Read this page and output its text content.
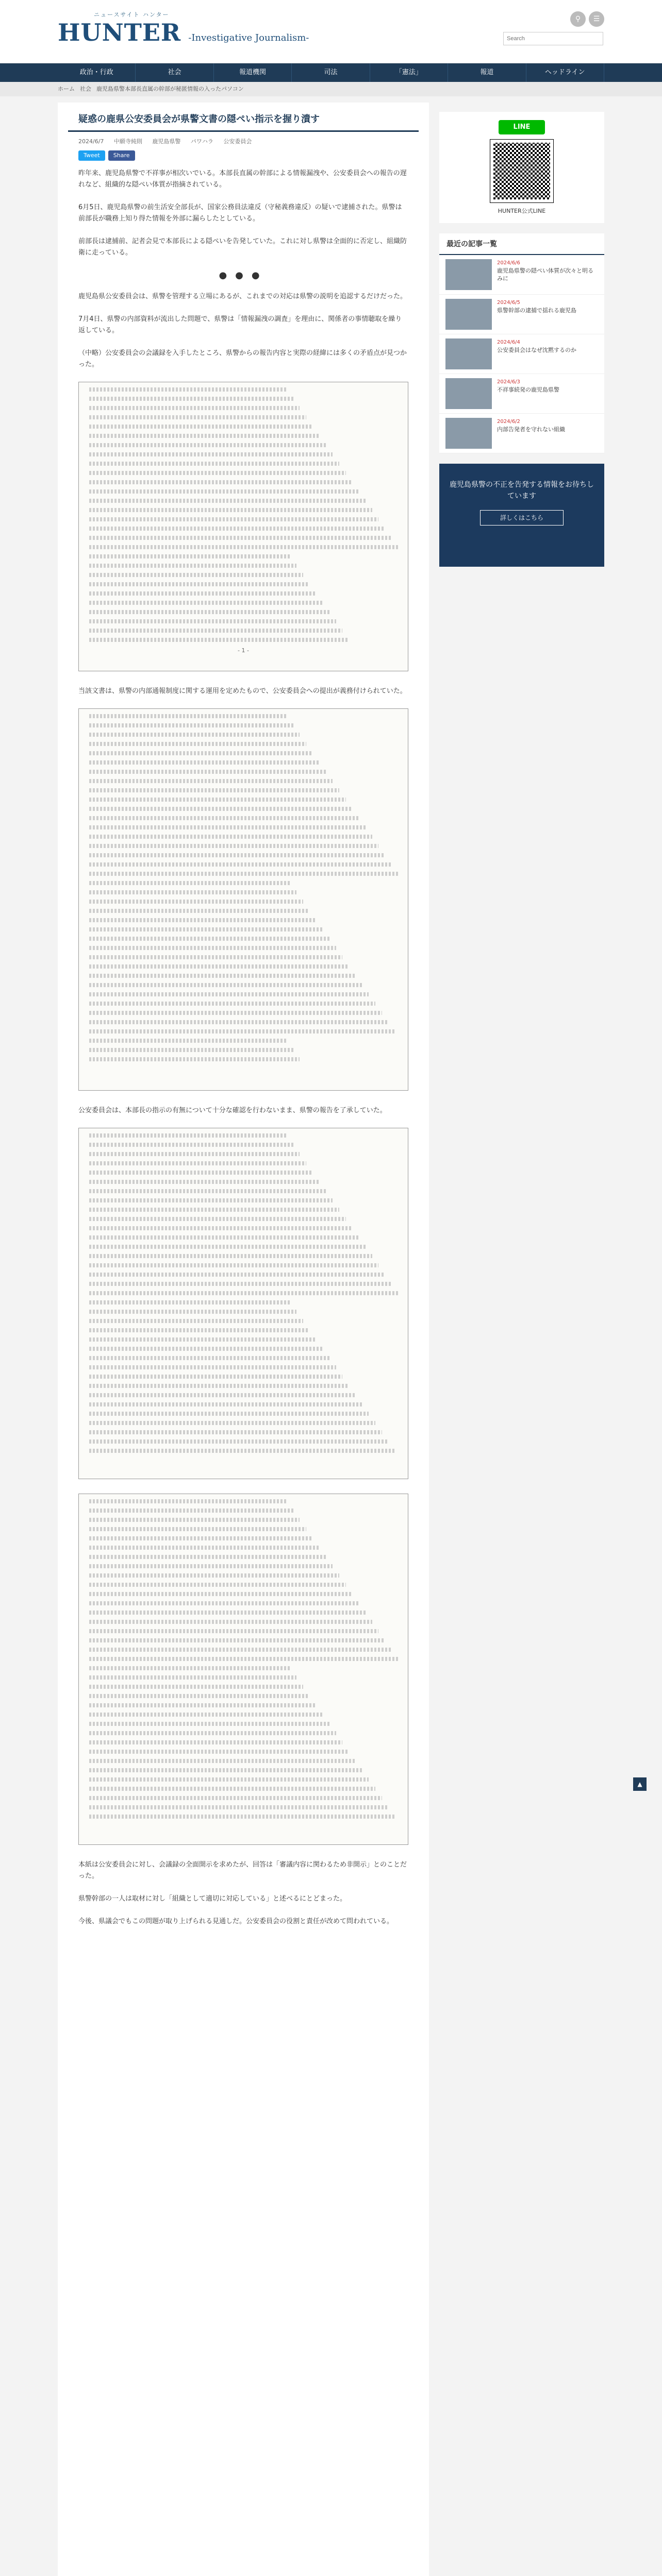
ニュースサイト ハンター
HUNTER -Investigative Journalism-
Search
⚲	☰
政治・行政	社会	報道機関	司法	「憲法」	報道	ヘッドライン
ホーム 社会 鹿児島県警本部長直属の幹部が秘匿情報の入ったパソコン
疑惑の鹿県公安委員会が県警文書の隠ぺい指示を握り潰す
2024/6/7 中願寺純則 鹿児島県警 パワハラ 公安委員会
Tweet	Share

昨年来、鹿児島県警で不祥事が相次いでいる。本部長直属の幹部による情報漏洩や、公安委員会への報告の遅れなど、組織的な隠ぺい体質が指摘されている。

6月5日、鹿児島県警の前生活安全部長が、国家公務員法違反（守秘義務違反）の疑いで逮捕された。県警は前部長が職務上知り得た情報を外部に漏らしたとしている。

前部長は逮捕前、記者会見で本部長による隠ぺいを告発していた。これに対し県警は全面的に否定し、組織防衛に走っている。

●●●

鹿児島県公安委員会は、県警を管理する立場にあるが、これまでの対応は県警の説明を追認するだけだった。

7月4日、県警の内部資料が流出した問題で、県警は「情報漏洩の調査」を理由に、関係者の事情聴取を繰り返している。

（中略）公安委員会の会議録を入手したところ、県警からの報告内容と実際の経緯には多くの矛盾点が見つかった。

- 1 -

当該文書は、県警の内部通報制度に関する運用を定めたもので、公安委員会への提出が義務付けられていた。

公安委員会は、本部長の指示の有無について十分な確認を行わないまま、県警の報告を了承していた。

本紙は公安委員会に対し、会議録の全面開示を求めたが、回答は「審議内容に関わるため非開示」とのことだった。

県警幹部の一人は取材に対し「組織として適切に対応している」と述べるにとどまった。

今後、県議会でもこの問題が取り上げられる見通しだ。公安委員会の役割と責任が改めて問われている。

LINE
HUNTER公式LINE
最近の記事一覧
2024/6/6
鹿児島県警の隠ぺい体質が次々と明るみに
2024/6/5
県警幹部の逮捕で揺れる鹿児島
2024/6/4
公安委員会はなぜ沈黙するのか
2024/6/3
不祥事続発の鹿児島県警
2024/6/2
内部告発者を守れない組織
鹿児島県警の不正を告発する情報をお待ちしています
詳しくはこちら
▲
